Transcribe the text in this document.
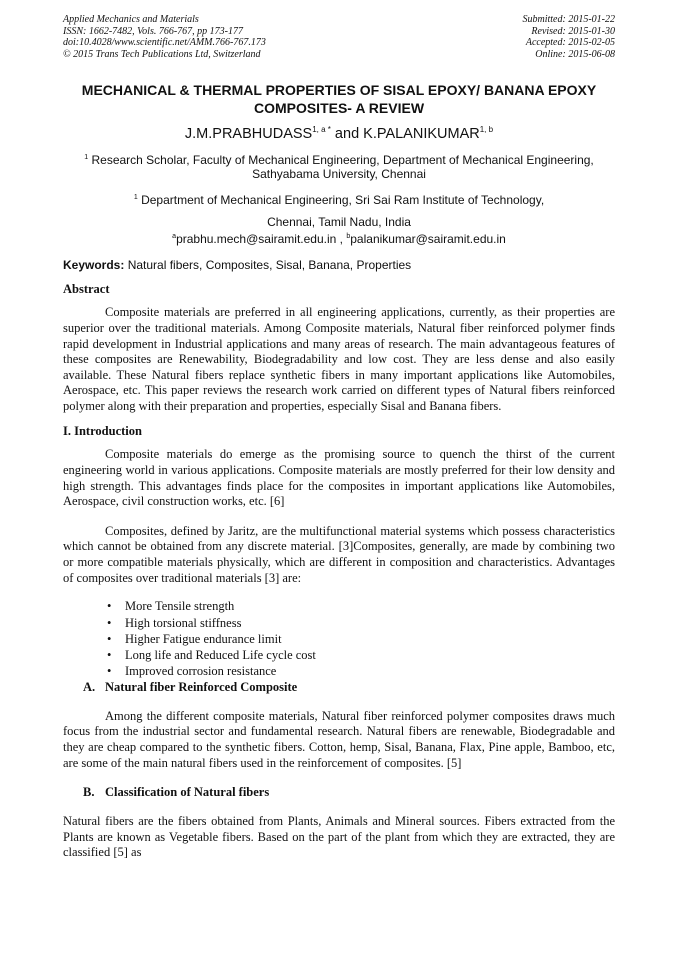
Applied Mechanics and Materials
ISSN: 1662-7482, Vols. 766-767, pp 173-177
doi:10.4028/www.scientific.net/AMM.766-767.173
© 2015 Trans Tech Publications Ltd, Switzerland
Submitted: 2015-01-22
Revised: 2015-01-30
Accepted: 2015-02-05
Online: 2015-06-08
MECHANICAL & THERMAL PROPERTIES OF SISAL EPOXY/ BANANA EPOXY COMPOSITES- A REVIEW
$J.M.PRABHUDASS^{1, a *}$ and K.PALANIKUMAR$^{1, b}$
$^1$ Research Scholar, Faculty of Mechanical Engineering, Department of Mechanical Engineering,
Sathyabama University, Chennai
$^1$ Department of Mechanical Engineering, Sri Sai Ram Institute of Technology,
Chennai, Tamil Nadu, India
$^a$prabhu.mech@sairamit.edu.in , $^b$palanikumar@sairamit.edu.in
Keywords: Natural fibers, Composites, Sisal, Banana, Properties
Abstract

Composite materials are preferred in all engineering applications, currently, as their properties are superior over the traditional materials. Among Composite materials, Natural fiber reinforced polymer finds rapid development in Industrial applications and many areas of research. The main advantageous features of these composites are Renewability, Biodegradability and low cost. They are less dense and also easily available. These Natural fibers replace synthetic fibers in many important applications like Automobiles, Aerospace, etc. This paper reviews the research work carried on different types of Natural fibers reinforced polymer along with their preparation and properties, especially Sisal and Banana fibers.

I. Introduction

Composite materials do emerge as the promising source to quench the thirst of the current engineering world in various applications. Composite materials are mostly preferred for their low density and high strength. This advantages finds place for the composites in important applications like Automobiles, Aerospace, civil construction works, etc. [6]

Composites, defined by Jaritz, are the multifunctional material systems which possess characteristics which cannot be obtained from any discrete material. [3]Composites, generally, are made by combining two or more compatible materials physically, which are different in composition and characteristics. Advantages of composites over traditional materials [3] are:

• More Tensile strength
• High torsional stiffness
• Higher Fatigue endurance limit
• Long life and Reduced Life cycle cost
• Improved corrosion resistance
A. Natural fiber Reinforced Composite

Among the different composite materials, Natural fiber reinforced polymer composites draws much focus from the industrial sector and fundamental research. Natural fibers are renewable, Biodegradable and they are cheap compared to the synthetic fibers. Cotton, hemp, Sisal, Banana, Flax, Pine apple, Bamboo, etc, are some of the main natural fibers used in the reinforcement of composites. [5]

B. Classification of Natural fibers

Natural fibers are the fibers obtained from Plants, Animals and Mineral sources. Fibers extracted from the Plants are known as Vegetable fibers. Based on the part of the plant from which they are extracted, they are classified [5] as
